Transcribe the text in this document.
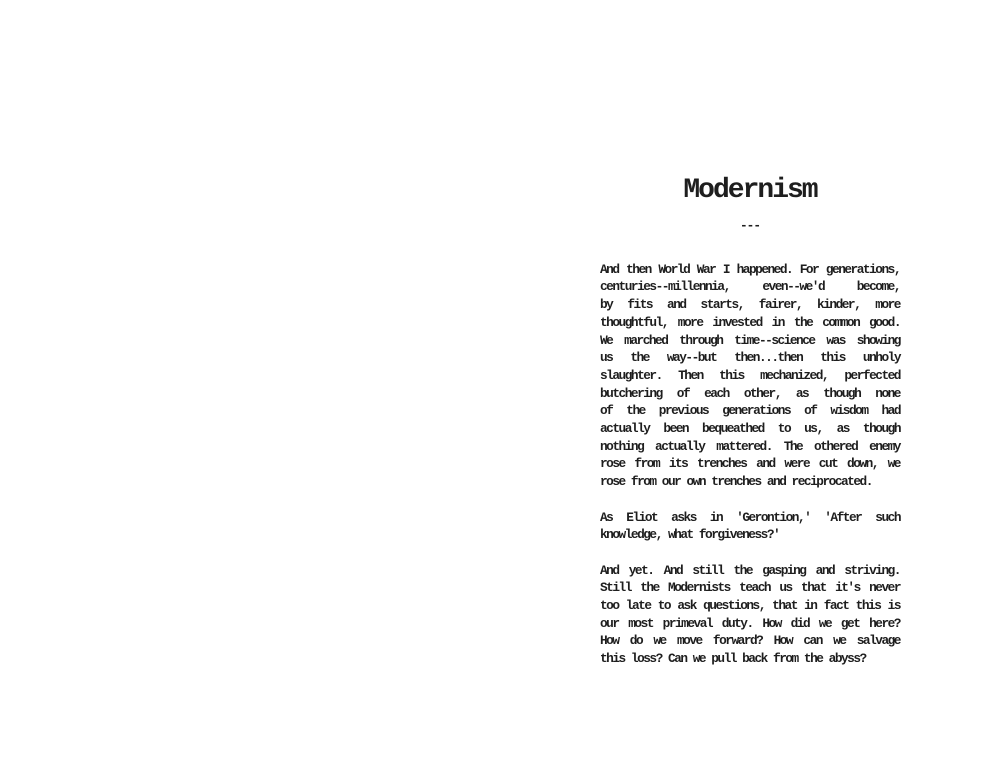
Modernism
---
And then World War I happened. For generations,
centuries--millennia, even--we'd become,
by fits and starts, fairer, kinder, more
thoughtful, more invested in the common good.
We marched through time--science was showing
us the way--but then...then this unholy
slaughter. Then this mechanized, perfected
butchering of each other, as though none
of the previous generations of wisdom had
actually been bequeathed to us, as though
nothing actually mattered. The othered enemy
rose from its trenches and were cut down, we
rose from our own trenches and reciprocated.
As Eliot asks in 'Gerontion,' 'After such
knowledge, what forgiveness?'
And yet. And still the gasping and striving.
Still the Modernists teach us that it's never
too late to ask questions, that in fact this is
our most primeval duty. How did we get here?
How do we move forward? How can we salvage
this loss? Can we pull back from the abyss?
